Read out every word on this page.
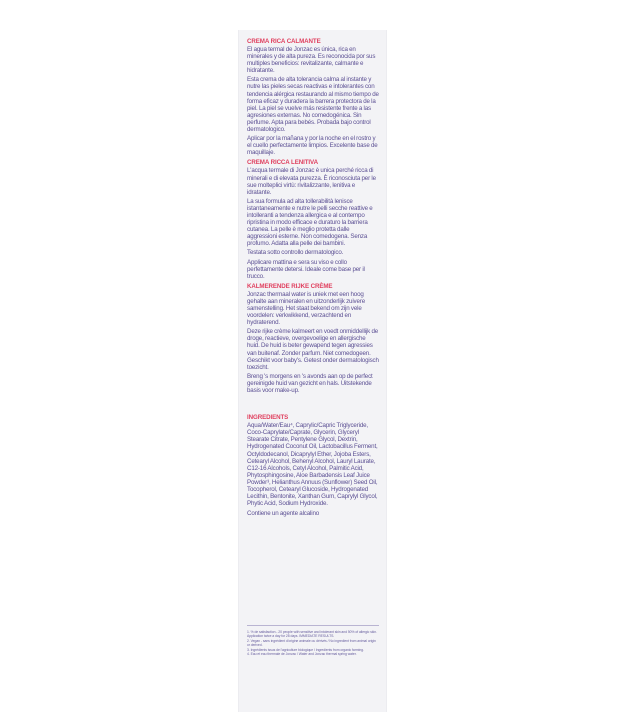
CREMA RICA CALMANTE

El agua termal de Jonzac es única, rica en minerales y de alta pureza. Es reconocida por sus multiples beneficios: revitalizante, calmante e hidratante.

Esta crema de alta tolerancia calma al instante y nutre las pieles secas reactivas e intolerantes con tendencia alérgica restaurando al mismo tiempo de forma eficaz y duradera la barrera protectora de la piel. La piel se vuelve más resistente frente a las agresiones externas. No comedogénica. Sin perfume. Apta para bebés. Probada bajo control dermatologico.

Aplicar por la mañana y por la noche en el rostro y el cuello perfectamente limpios. Excelente base de maquillaje.

CREMA RICCA LENITIVA

L'acqua termale di Jonzac è unica perché ricca di minerali e di elevata purezza. È riconosciuta per le sue molteplici virtù: rivitalizzante, lenitiva e idratante.

La sua formula ad alta tollerabilità lenisce istantaneamente e nutre le pelli secche reattive e intolleranti a tendenza allergica e al contempo ripristina in modo efficace e duraturo la barriera cutanea. La pelle è meglio protetta dalle aggressioni esterne. Non comedogena. Senza profumo. Adatta alla pelle dei bambini.

Testata sotto controllo dermatologico.

Applicare mattina e sera su viso e collo perfettamente detersi. Ideale come base per il trucco.

KALMERENDE RIJKE CRÈME

Jonzac thermaal water is uniek met een hoog gehalte aan mineralen en uitzonderlijk zuivere samenstelling. Het staat bekend om zijn vele voordelen: verkwikkend, verzachtend en hydraterend.

Deze rijke crème kalmeert en voedt onmiddellijk de droge, reactieve, overgevoelige en allergische huid. De huid is beter gewapend tegen agressies van buitenaf. Zonder parfum. Niet comedogeen. Geschikt voor baby's. Getest onder dermatologisch toezicht.

Breng 's morgens en 's avonds aan op de perfect gereinigde huid van gezicht en hals. Uitstekende basis voor make-up.

INGREDIENTS

Aqua/Water/Eau⁴, Caprylic/Capric Triglyceride, Coco-Caprylate/Caprate, Glycerin, Glyceryl Stearate Citrate, Pentylene Glycol, Dextrin, Hydrogenated Coconut Oil, Lactobacillus Ferment, Octyldodecanol, Dicaprylyl Ether, Jojoba Esters, Cetearyl Alcohol, Behenyl Alcohol, Lauryl Laurate, C12-16 Alcohols, Cetyl Alcohol, Palmitic Acid, Phytosphingosine, Aloe Barbadensis Leaf Juice Powder³, Helianthus Annuus (Sunflower) Seed Oil, Tocopherol, Cetearyl Glucoside, Hydrogenated Lecithin, Bentonite, Xanthan Gum, Caprylyl Glycol, Phytic Acid, Sodium Hydroxide.

Contiene un agente alcalino

1. % de satisfaction - 20 people with sensitive and intolerant skin and 50% of allergic skin. Application twice a day for 28 days. IMMEDIATE RESULTS.

2. Vegan - sans ingrédient d'origine animale ou dérivés / No ingredient from animal origin or derived.

3. Ingrédients issus de l'agriculture biologique / Ingredients from organic farming.

4. Eau et eau thermale de Jonzac / Water and Jonzac thermal spring water.
